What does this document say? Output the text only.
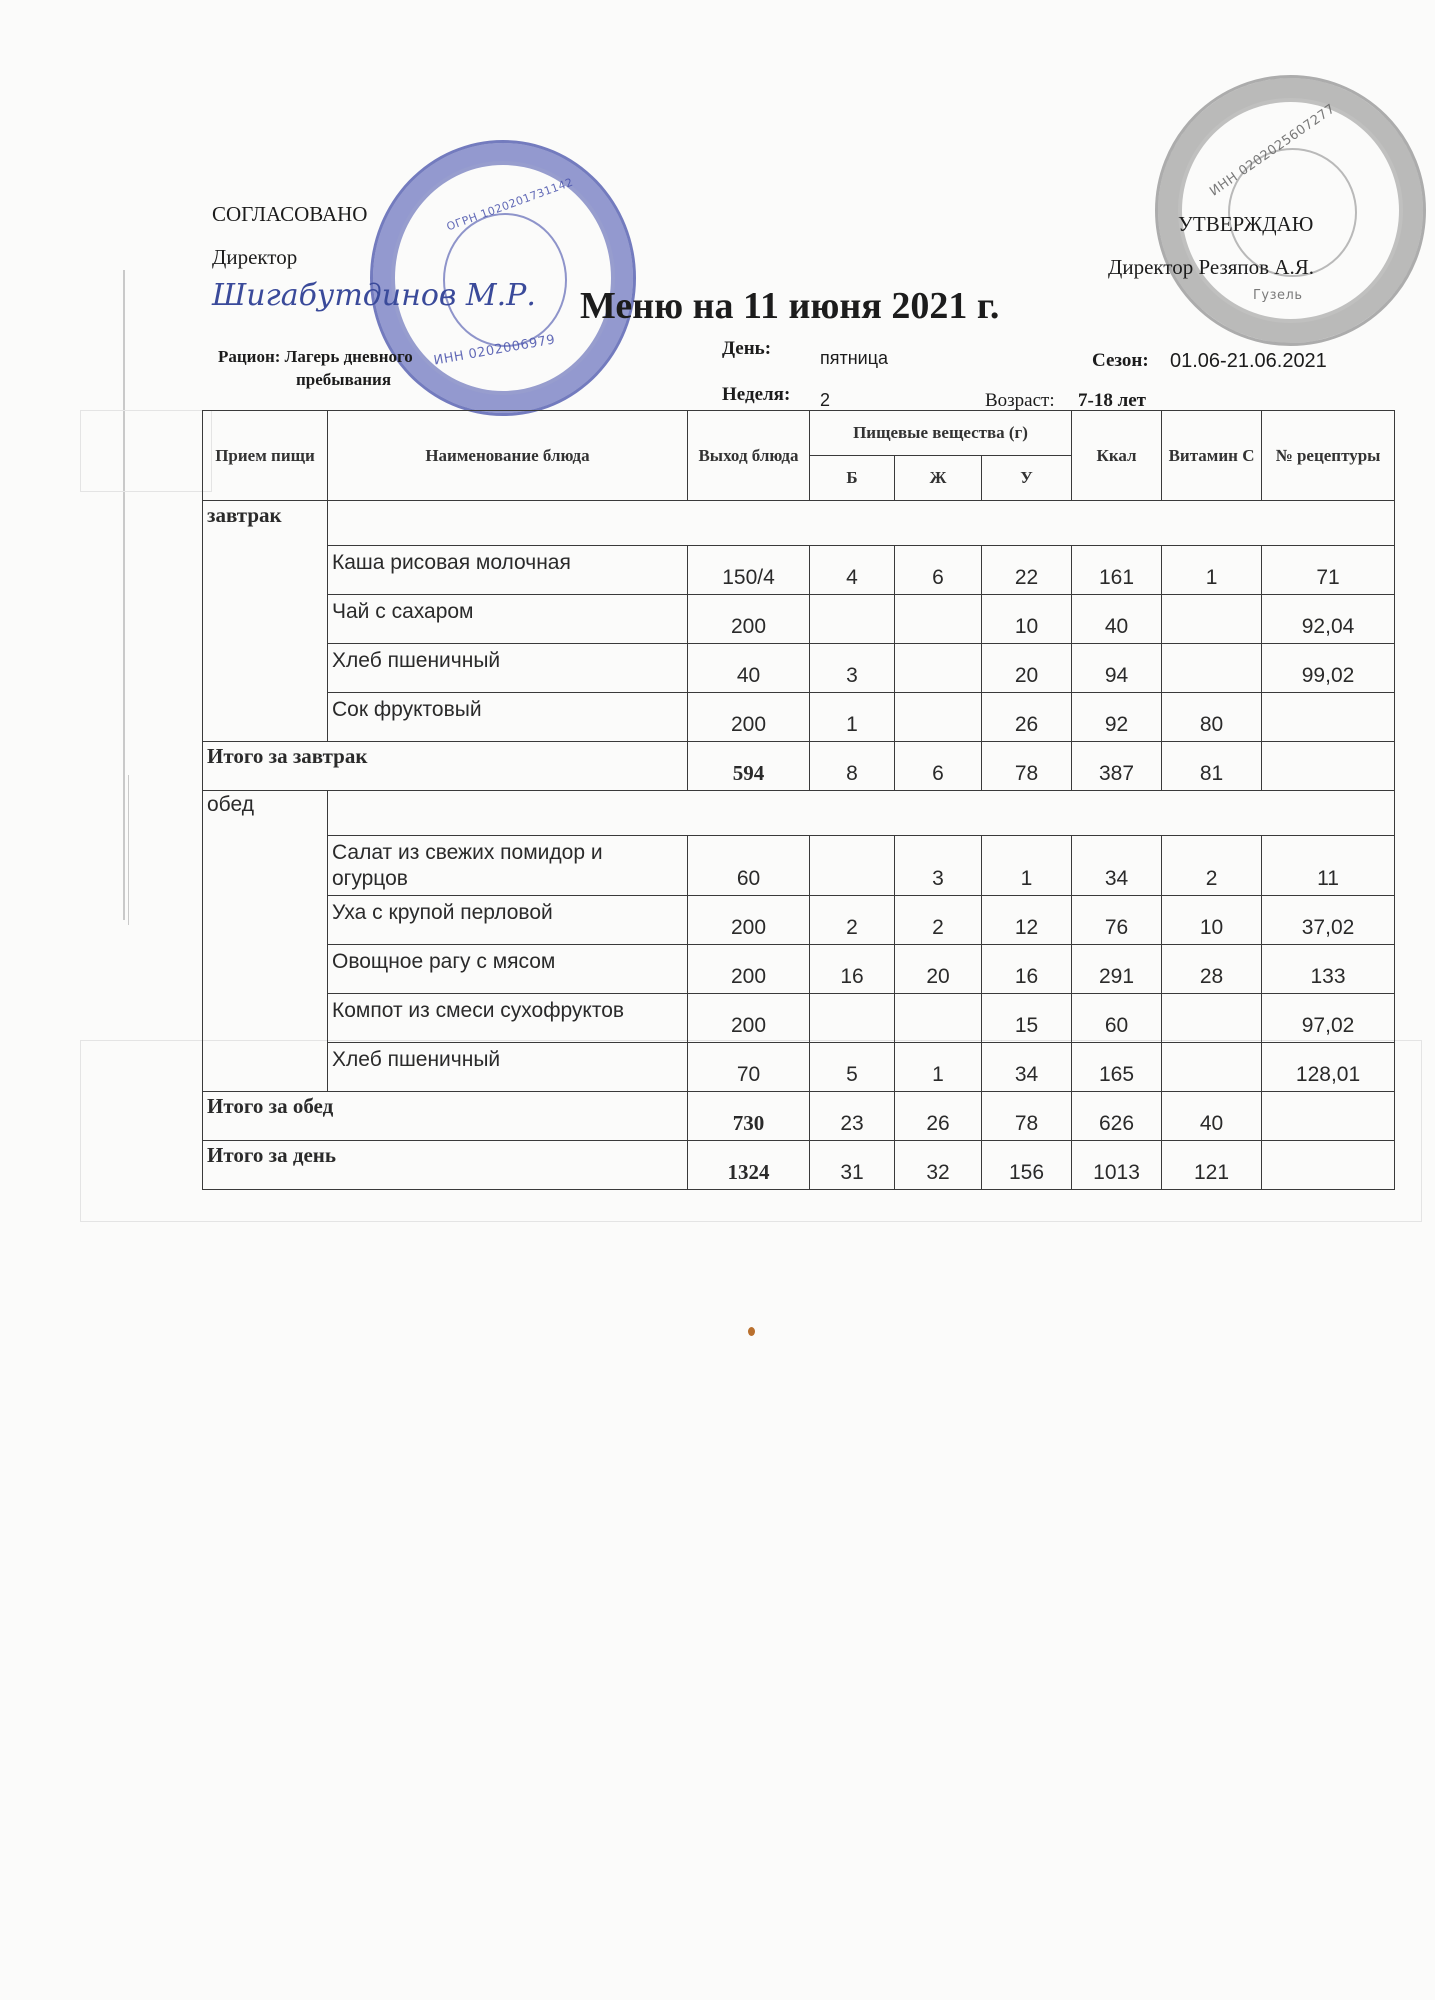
ИНН 0202006979
ОГРН 1020201731142
ИНН 0202025607277
Гузель
СОГЛАСОВАНО
Директор
Шигабутдинов М.Р.
УТВЕРЖДАЮ
Директор Резяпов А.Я.
Меню на 11 июня 2021 г.
Рацион: Лагерь дневного
пребывания
День:	пятница	Сезон: 01.06-21.06.2021
Неделя: 2	Возраст: 7-18 лет
Прием пищи	Наименование блюда	Выход блюда	Пищевые вещества (г)			Ккал	Витамин С	№ рецептуры
			Б	Ж	У			
завтрак								
	Каша рисовая молочная	150/4	4	6	22	161	1	71
	Чай с сахаром	200			10	40		92,04
	Хлеб пшеничный	40	3		20	94		99,02
	Сок фруктовый	200	1		26	92	80	
Итого за завтрак		594	8	6	78	387	81	
обед								
	Салат из свежих помидор и огурцов	60		3	1	34	2	11
	Уха с крупой перловой	200	2	2	12	76	10	37,02
	Овощное рагу с мясом	200	16	20	16	291	28	133
	Компот из смеси сухофруктов	200			15	60		97,02
	Хлеб пшеничный	70	5	1	34	165		128,01
Итого за обед		730	23	26	78	626	40	
Итого за день		1324	31	32	156	1013	121	
